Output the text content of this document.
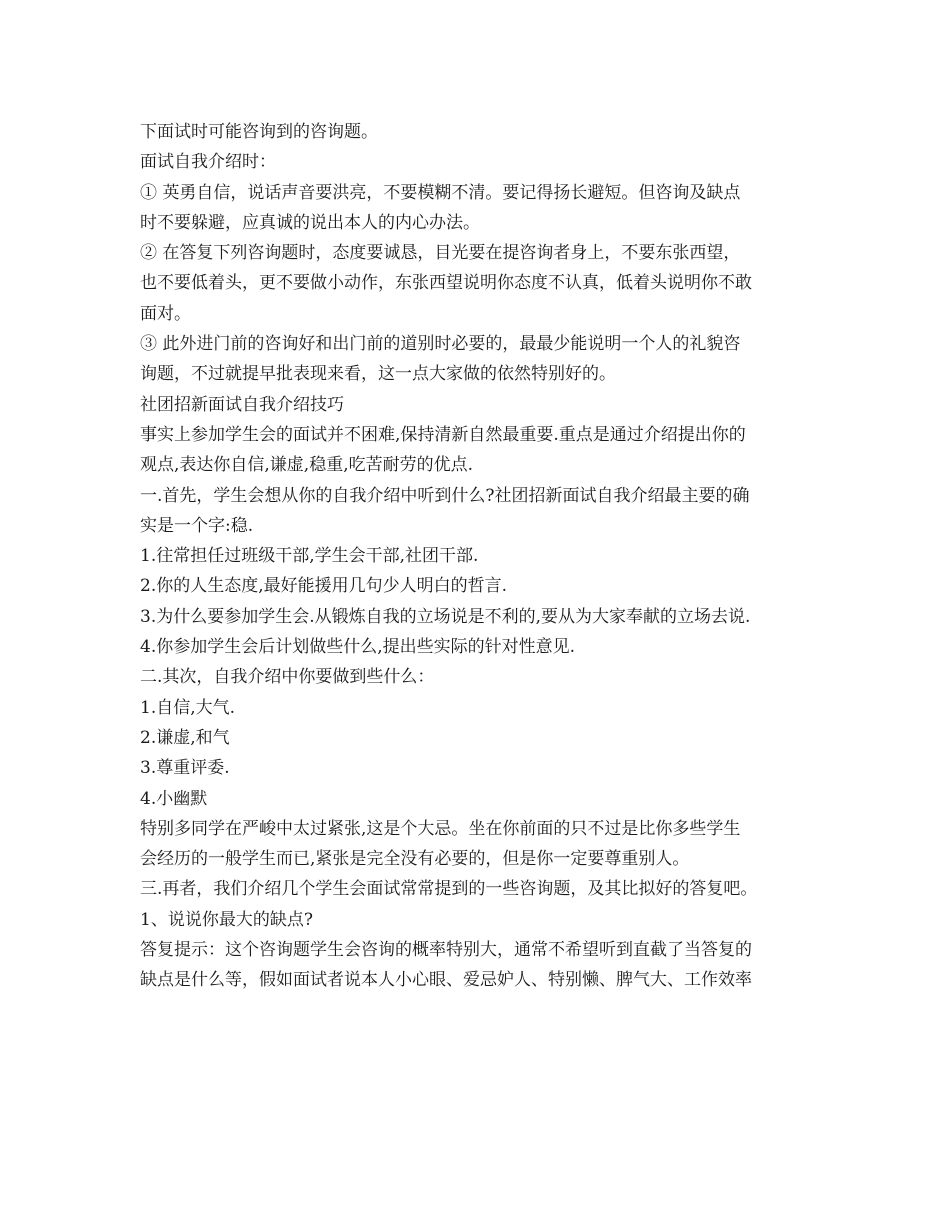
下面试时可能咨询到的咨询题。
面试自我介绍时：
① 英勇自信，说话声音要洪亮，不要模糊不清。要记得扬长避短。但咨询及缺点
时不要躲避，应真诚的说出本人的内心办法。
② 在答复下列咨询题时，态度要诚恳，目光要在提咨询者身上，不要东张西望，
也不要低着头，更不要做小动作，东张西望说明你态度不认真，低着头说明你不敢
面对。
③ 此外进门前的咨询好和出门前的道别时必要的，最最少能说明一个人的礼貌咨
询题，不过就提早批表现来看，这一点大家做的依然特别好的。
社团招新面试自我介绍技巧
事实上参加学生会的面试并不困难,保持清新自然最重要.重点是通过介绍提出你的
观点,表达你自信,谦虚,稳重,吃苦耐劳的优点.
一.首先，学生会想从你的自我介绍中听到什么?社团招新面试自我介绍最主要的确
实是一个字:稳.
1.往常担任过班级干部,学生会干部,社团干部.
2.你的人生态度,最好能援用几句少人明白的哲言.
3.为什么要参加学生会.从锻炼自我的立场说是不利的,要从为大家奉献的立场去说.
4.你参加学生会后计划做些什么,提出些实际的针对性意见.
二.其次，自我介绍中你要做到些什么：
1.自信,大气.
2.谦虚,和气
3.尊重评委.
4.小幽默
特别多同学在严峻中太过紧张,这是个大忌。坐在你前面的只不过是比你多些学生
会经历的一般学生而已,紧张是完全没有必要的，但是你一定要尊重别人。
三.再者，我们介绍几个学生会面试常常提到的一些咨询题，及其比拟好的答复吧。
1、说说你最大的缺点?
答复提示：这个咨询题学生会咨询的概率特别大，通常不希望听到直截了当答复的
缺点是什么等，假如面试者说本人小心眼、爱忌妒人、特别懒、脾气大、工作效率
